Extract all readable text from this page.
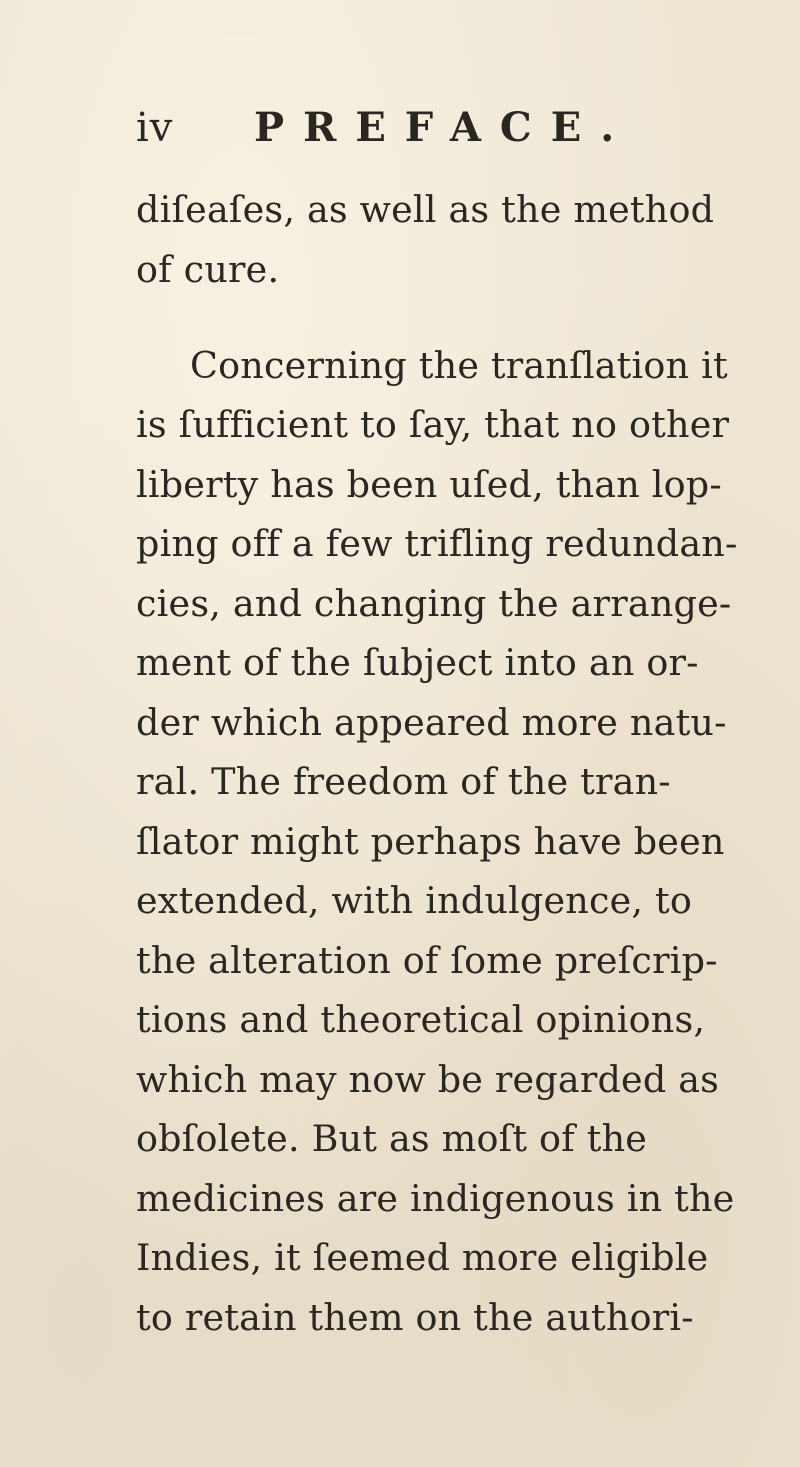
iv PREFACE.
diſeaſes, as well as the method
of cure.
Concerning the tranſlation it
is ſufficient to ſay, that no other
liberty has been uſed, than lop-
ping off a few trifling redundan-
cies, and changing the arrange-
ment of the ſubject into an or-
der which appeared more natu-
ral. The freedom of the tran-
ſlator might perhaps have been
extended, with indulgence, to
the alteration of ſome preſcrip-
tions and theoretical opinions,
which may now be regarded as
obſolete. But as moſt of the
medicines are indigenous in the
Indies, it ſeemed more eligible
to retain them on the authori-
